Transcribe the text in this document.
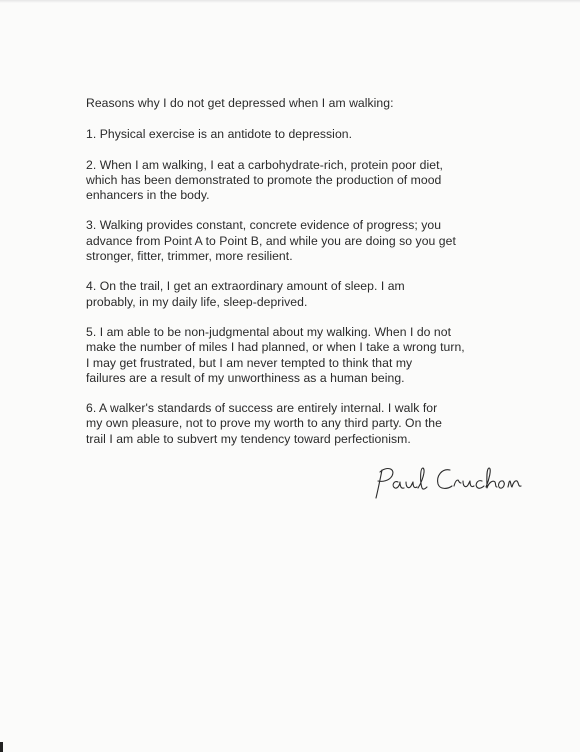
Reasons why I do not get depressed when I am walking:
1. Physical exercise is an antidote to depression.
2. When I am walking, I eat a carbohydrate-rich, protein poor diet,
which has been demonstrated to promote the production of mood
enhancers in the body.
3. Walking provides constant, concrete evidence of progress; you
advance from Point A to Point B, and while you are doing so you get
stronger, fitter, trimmer, more resilient.
4. On the trail, I get an extraordinary amount of sleep. I am
probably, in my daily life, sleep-deprived.
5. I am able to be non-judgmental about my walking. When I do not
make the number of miles I had planned, or when I take a wrong turn,
I may get frustrated, but I am never tempted to think that my
failures are a result of my unworthiness as a human being.
6. A walker's standards of success are entirely internal. I walk for
my own pleasure, not to prove my worth to any third party. On the
trail I am able to subvert my tendency toward perfectionism.
